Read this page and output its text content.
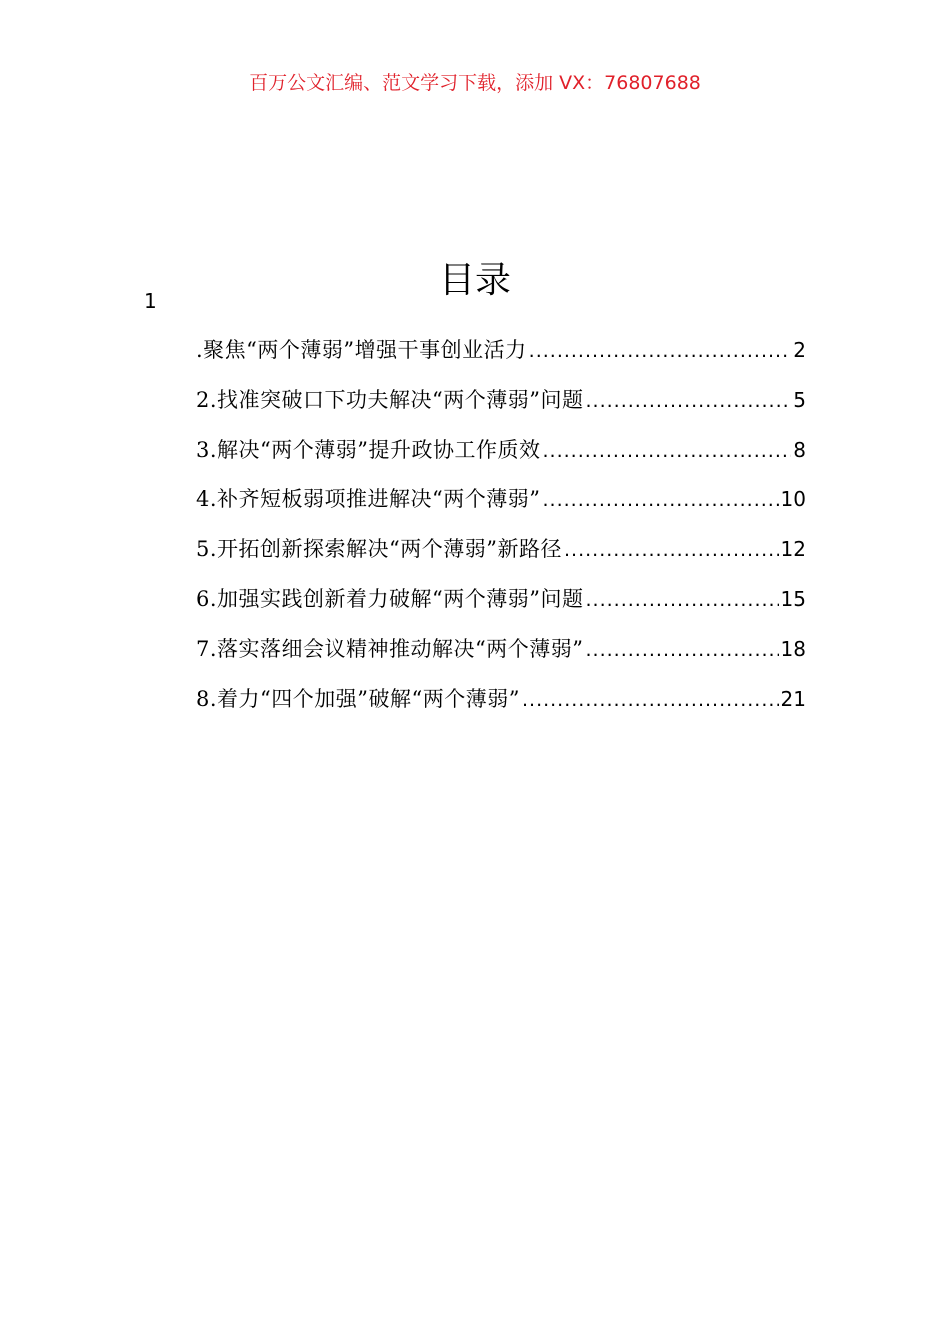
百万公文汇编、范文学习下载，添加 VX：76807688
目录
1
.聚焦“两个薄弱”增强干事创业活力 .....	2
2.找准突破口下功夫解决“两个薄弱”问题 .....	5
3.解决“两个薄弱”提升政协工作质效 .....	8
4.补齐短板弱项推进解决“两个薄弱” .....	10
5.开拓创新探索解决“两个薄弱”新路径 .....	12
6.加强实践创新着力破解“两个薄弱”问题 .....	15
7.落实落细会议精神推动解决“两个薄弱” .....	18
8.着力“四个加强”破解“两个薄弱” .....	21
